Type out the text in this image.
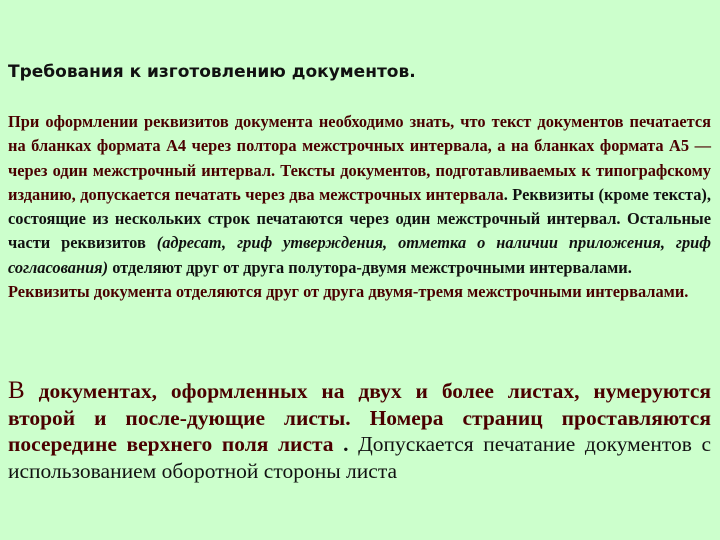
Требования к изготовлению документов.
При оформлении реквизитов документа необходимо знать, что текст документов печатается на бланках формата А4 через полтора межстрочных интервала, а на бланках формата А5 — через один межстрочный интервал. Тексты документов, подготавливаемых к типографскому изданию, допускается печатать через два межстрочных интервала. Реквизиты (кроме текста), состоящие из нескольких строк печатаются через один межстрочный интервал. Остальные части реквизитов (адресат, гриф утверждения, отметка о наличии приложения, гриф согласования) отделяют друг от друга полутора-двумя межстрочными интервалами.
Реквизиты документа отделяются друг от друга двумя-тремя межстрочными интервалами.
В документах, оформленных на двух и более листах, нумеруются второй и после-дующие листы. Номера страниц проставляются посередине верхнего поля листа . Допускается печатание документов с использованием оборотной стороны листа
